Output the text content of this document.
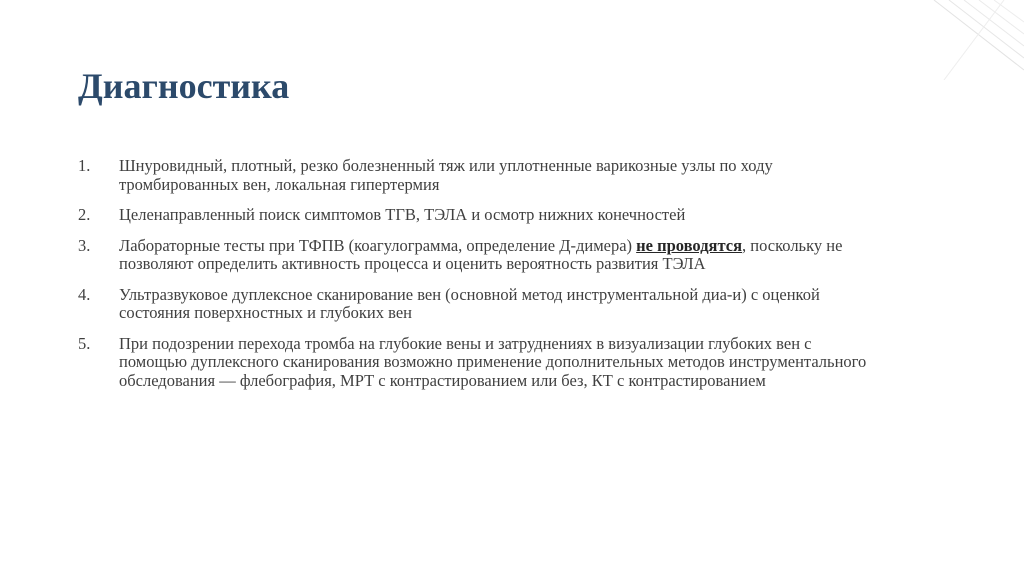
Диагностика
1.	Шнуровидный, плотный, резко болезненный тяж или уплотненные варикозные узлы по ходу тромбированных вен, локальная гипертермия
2.	Целенаправленный поиск симптомов ТГВ, ТЭЛА и осмотр нижних конечностей
3.	Лабораторные тесты при ТФПВ (коагулограмма, определение Д-димера) не проводятся, поскольку не позволяют определить активность процесса и оценить вероятность развития ТЭЛА
4.	Ультразвуковое дуплексное сканирование вен (основной метод инструментальной диа-и) с оценкой состояния поверхностных и глубоких вен
5.	При подозрении перехода тромба на глубокие вены и затруднениях в визуализации глубоких вен с помощью дуплексного сканирования возможно применение дополнительных методов инструментального обследования — флебография, МРТ с контрастированием или без, КТ с контрастированием
